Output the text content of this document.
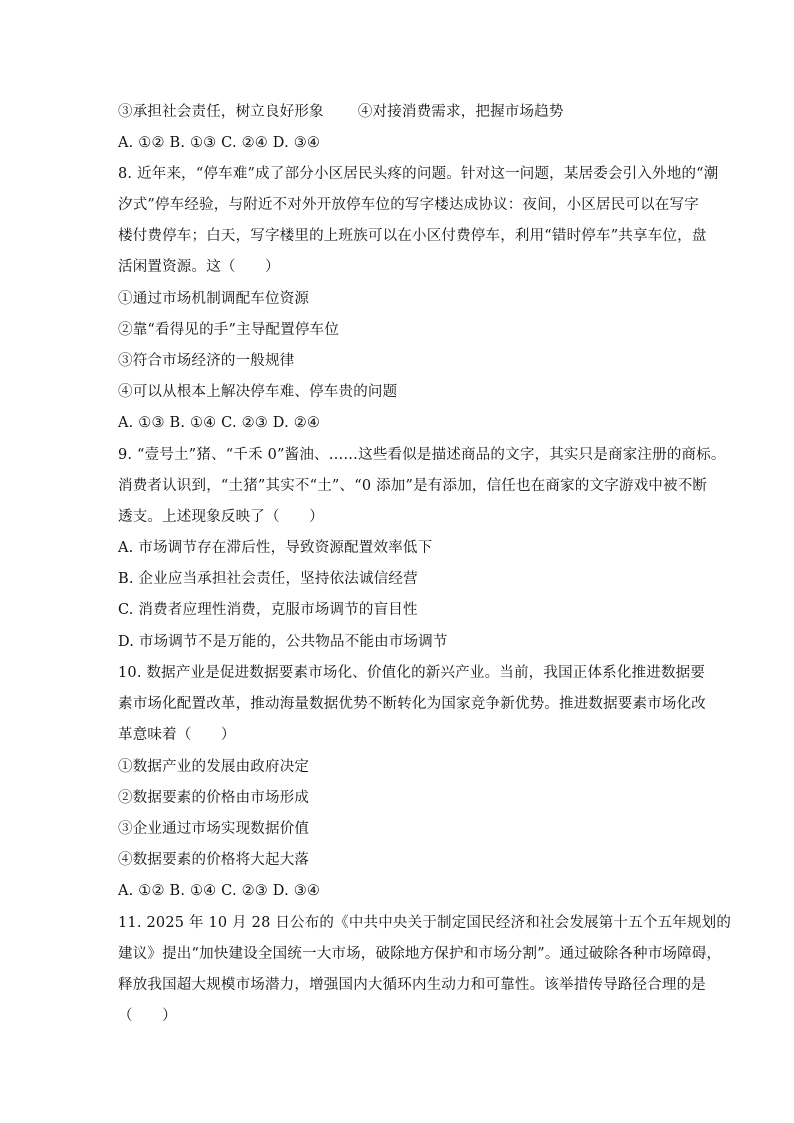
③承担社会责任，树立良好形象 ④对接消费需求，把握市场趋势
A. ①② B. ①③ C. ②④ D. ③④
8. 近年来，“停车难”成了部分小区居民头疼的问题。针对这一问题，某居委会引入外地的“潮
汐式”停车经验，与附近不对外开放停车位的写字楼达成协议：夜间，小区居民可以在写字
楼付费停车；白天，写字楼里的上班族可以在小区付费停车，利用“错时停车”共享车位，盘
活闲置资源。这（　　）
①通过市场机制调配车位资源
②靠“看得见的手”主导配置停车位
③符合市场经济的一般规律
④可以从根本上解决停车难、停车贵的问题
A. ①③ B. ①④ C. ②③ D. ②④
9. “壹号土”猪、“千禾 0”酱油、……这些看似是描述商品的文字，其实只是商家注册的商标。
消费者认识到，“土猪”其实不“土”、“0 添加”是有添加，信任也在商家的文字游戏中被不断
透支。上述现象反映了（　　）
A. 市场调节存在滞后性，导致资源配置效率低下
B. 企业应当承担社会责任，坚持依法诚信经营
C. 消费者应理性消费，克服市场调节的盲目性
D. 市场调节不是万能的，公共物品不能由市场调节
10. 数据产业是促进数据要素市场化、价值化的新兴产业。当前，我国正体系化推进数据要
素市场化配置改革，推动海量数据优势不断转化为国家竞争新优势。推进数据要素市场化改
革意味着（　　）
①数据产业的发展由政府决定
②数据要素的价格由市场形成
③企业通过市场实现数据价值
④数据要素的价格将大起大落
A. ①② B. ①④ C. ②③ D. ③④
11. 2025 年 10 月 28 日公布的《中共中央关于制定国民经济和社会发展第十五个五年规划的
建议》提出“加快建设全国统一大市场，破除地方保护和市场分割”。通过破除各种市场障碍，
释放我国超大规模市场潜力，增强国内大循环内生动力和可靠性。该举措传导路径合理的是
（　　）
